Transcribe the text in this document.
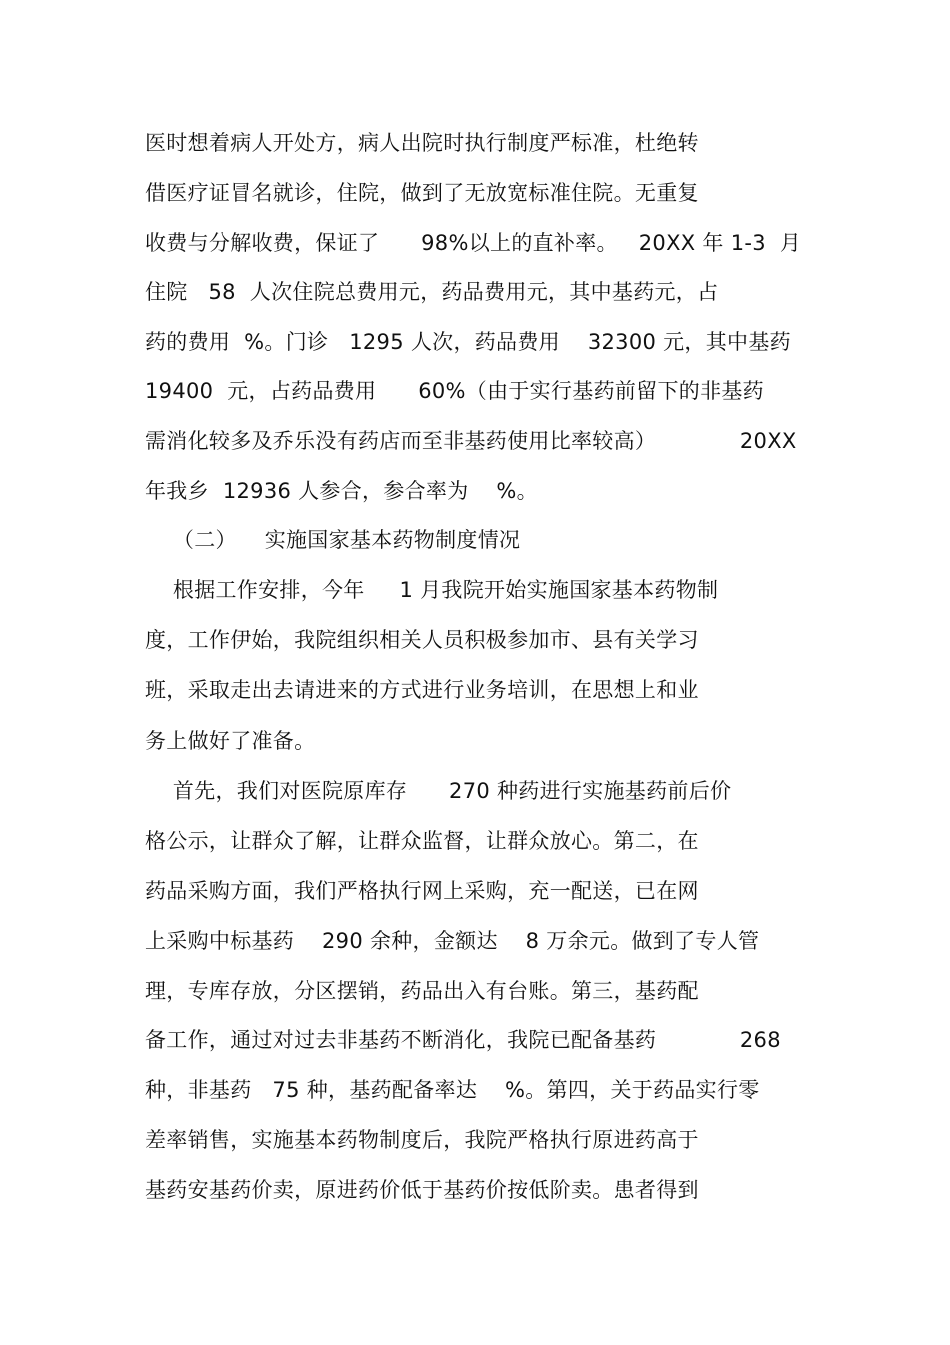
医时想着病人开处方，病人出院时执行制度严标准，杜绝转
借医疗证冒名就诊，住院，做到了无放宽标准住院。无重复
收费与分解收费，保证了      98%以上的直补率。   20XX 年 1-3  月
住院   58  人次住院总费用元，药品费用元，其中基药元，占
药的费用  %。门诊   1295 人次，药品费用    32300 元，其中基药
19400  元，占药品费用      60%（由于实行基药前留下的非基药
需消化较多及乔乐没有药店而至非基药使用比率较高）            20XX
年我乡  12936 人参合，参合率为    %。
（二）    实施国家基本药物制度情况
根据工作安排，今年     1 月我院开始实施国家基本药物制
度，工作伊始，我院组织相关人员积极参加市、县有关学习
班，采取走出去请进来的方式进行业务培训，在思想上和业
务上做好了准备。
首先，我们对医院原库存      270 种药进行实施基药前后价
格公示，让群众了解，让群众监督，让群众放心。第二，在
药品采购方面，我们严格执行网上采购，充一配送，已在网
上采购中标基药    290 余种，金额达    8 万余元。做到了专人管
理，专库存放，分区摆销，药品出入有台账。第三，基药配
备工作，通过对过去非基药不断消化，我院已配备基药            268
种，非基药   75 种，基药配备率达    %。第四，关于药品实行零
差率销售，实施基本药物制度后，我院严格执行原进药高于
基药安基药价卖，原进药价低于基药价按低阶卖。患者得到
